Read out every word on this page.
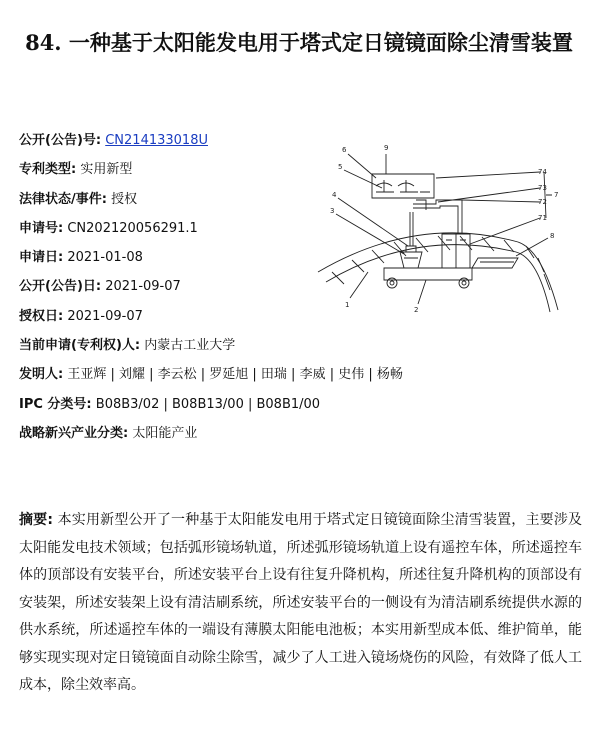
84. 一种基于太阳能发电用于塔式定日镜镜面除尘清雪装置
公开(公告)号: CN214133018U
专利类型: 实用新型
法律状态/事件: 授权
申请号: CN202120056291.1
申请日: 2021-01-08
公开(公告)日: 2021-09-07
授权日: 2021-09-07
当前申请(专利权)人: 内蒙古工业大学
发明人: 王亚辉 | 刘耀 | 李云松 | 罗延旭 | 田瑞 | 李威 | 史伟 | 杨畅
IPC 分类号: B08B3/02 | B08B13/00 | B08B1/00
战略新兴产业分类: 太阳能产业
6
5
4
3
1
2
9
8
71
72
73
74
7
摘要: 本实用新型公开了一种基于太阳能发电用于塔式定日镜镜面除尘清雪装置，主要涉及太阳能发电技术领域；包括弧形镜场轨道，所述弧形镜场轨道上设有遥控车体，所述遥控车体的顶部设有安装平台，所述安装平台上设有往复升降机构，所述往复升降机构的顶部设有安装架，所述安装架上设有清洁刷系统，所述安装平台的一侧设有为清洁刷系统提供水源的供水系统，所述遥控车体的一端设有薄膜太阳能电池板；本实用新型成本低、维护简单，能够实现实现对定日镜镜面自动除尘除雪，减少了人工进入镜场烧伤的风险，有效降了低人工成本，除尘效率高。
